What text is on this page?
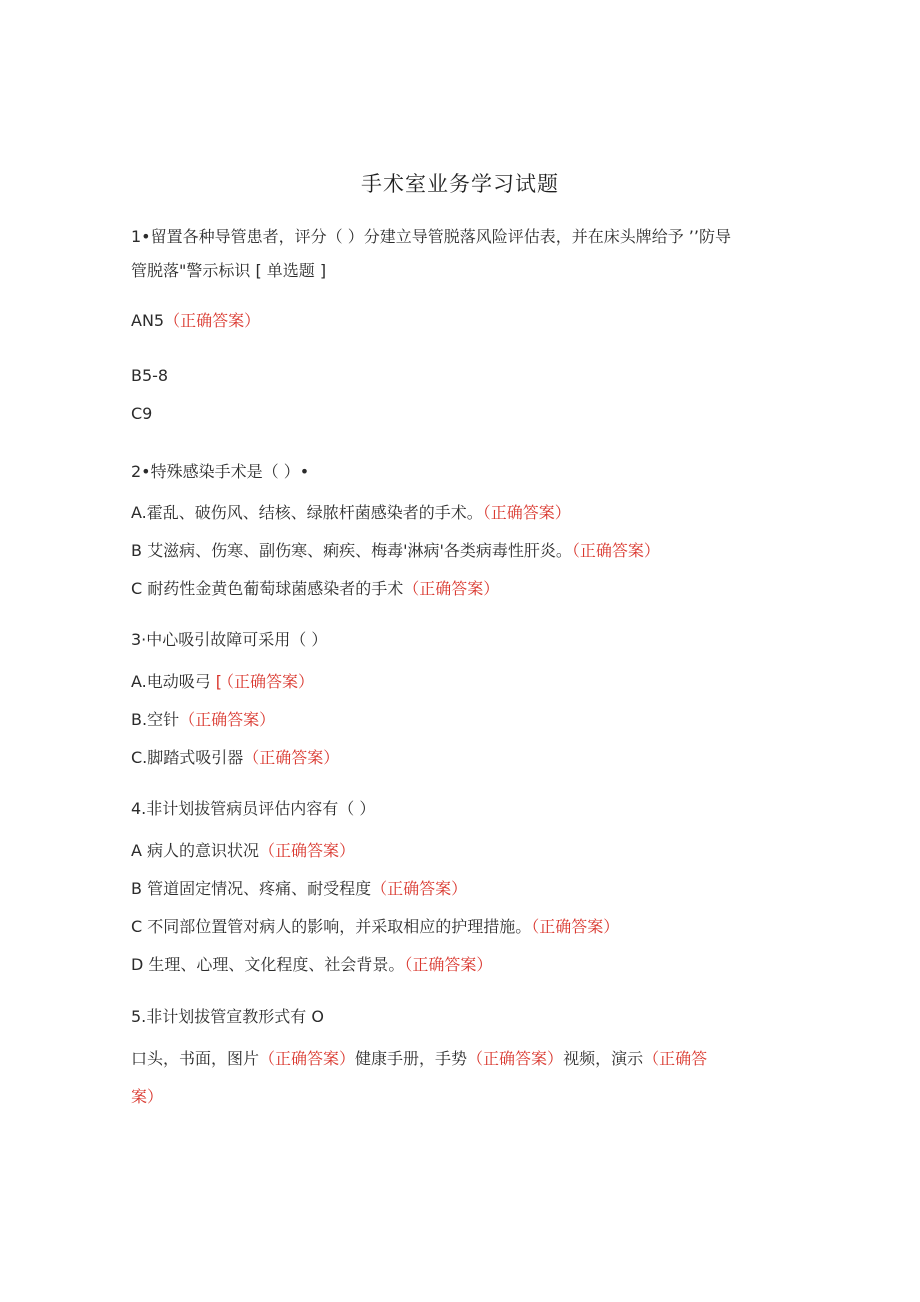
手术室业务学习试题
1•留置各种导管患者，评分（ ）分建立导管脱落风险评估表，并在床头牌给予 ’’防导
管脱落"警示标识 [ 单选题 ]
AN5（正确答案）
B5-8
C9
2•特殊感染手术是（ ）•
A.霍乱、破伤风、结核、绿脓杆菌感染者的手术。（正确答案）
B 艾滋病、伤寒、副伤寒、痢疾、梅毒'淋病'各类病毒性肝炎。（正确答案）
C 耐药性金黄色葡萄球菌感染者的手术（正确答案）
3·中心吸引故障可采用（ ）
A.电动吸弓 [ （正确答案）
B.空针（正确答案）
C.脚踏式吸引器（正确答案）
4.非计划拔管病员评估内容有（ ）
A 病人的意识状况（正确答案）
B 管道固定情况、疼痛、耐受程度（正确答案）
C 不同部位置管对病人的影响，并采取相应的护理措施。（正确答案）
D 生理、心理、文化程度、社会背景。（正确答案）
5.非计划拔管宣教形式有 O
口头，书面，图片（正确答案）健康手册，手势（正确答案）视频，演示（正确答
案）
